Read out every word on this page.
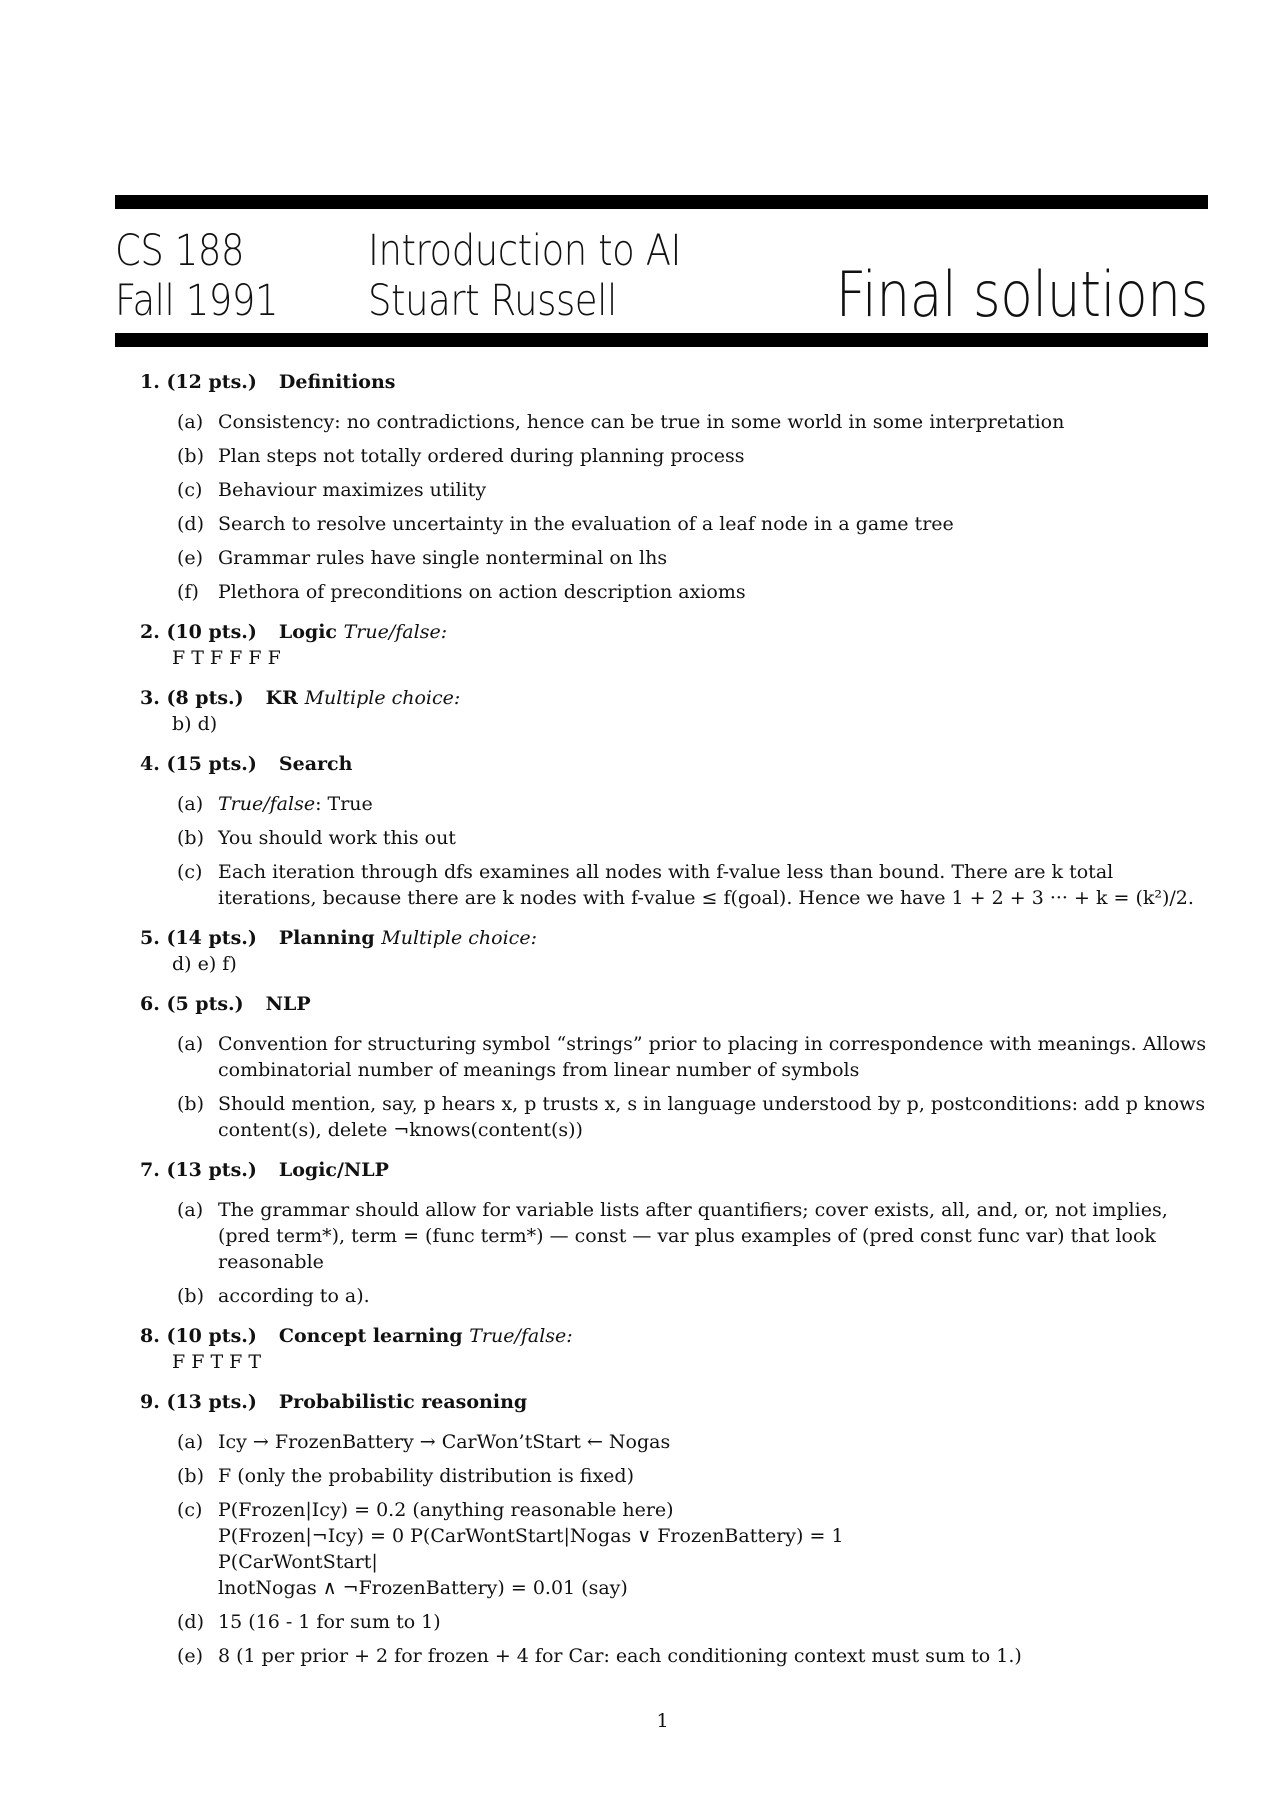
CS 188
Fall 1991
Introduction to AI
Stuart Russell	Final solutions
1. (12 pts.) Definitions
(a) Consistency: no contradictions, hence can be true in some world in some interpretation
(b) Plan steps not totally ordered during planning process
(c) Behaviour maximizes utility
(d) Search to resolve uncertainty in the evaluation of a leaf node in a game tree
(e) Grammar rules have single nonterminal on lhs
(f) Plethora of preconditions on action description axioms
2. (10 pts.) Logic True/false:
F T F F F F
3. (8 pts.) KR Multiple choice:
b) d)
4. (15 pts.) Search
(a) True/false: True
(b) You should work this out
(c) Each iteration through dfs examines all nodes with f-value less than bound. There are k total iterations, because there are k nodes with f-value ≤ f(goal). Hence we have 1 + 2 + 3 ··· + k = (k²)/2.
5. (14 pts.) Planning Multiple choice:
d) e) f)
6. (5 pts.) NLP
(a) Convention for structuring symbol “strings” prior to placing in correspondence with meanings. Allows combinatorial number of meanings from linear number of symbols
(b) Should mention, say, p hears x, p trusts x, s in language understood by p, postconditions: add p knows content(s), delete ¬knows(content(s))
7. (13 pts.) Logic/NLP
(a) The grammar should allow for variable lists after quantifiers; cover exists, all, and, or, not implies, (pred term*), term = (func term*) — const — var plus examples of (pred const func var) that look reasonable
(b) according to a).
8. (10 pts.) Concept learning True/false:
F F T F T
9. (13 pts.) Probabilistic reasoning
(a) Icy → FrozenBattery → CarWon’tStart ← Nogas
(b) F (only the probability distribution is fixed)
(c) P(Frozen|Icy) = 0.2 (anything reasonable here)
P(Frozen|¬Icy) = 0 P(CarWontStart|Nogas ∨ FrozenBattery) = 1
P(CarWontStart|
lnotNogas ∧ ¬FrozenBattery) = 0.01 (say)
(d) 15 (16 - 1 for sum to 1)
(e) 8 (1 per prior + 2 for frozen + 4 for Car: each conditioning context must sum to 1.)
1
